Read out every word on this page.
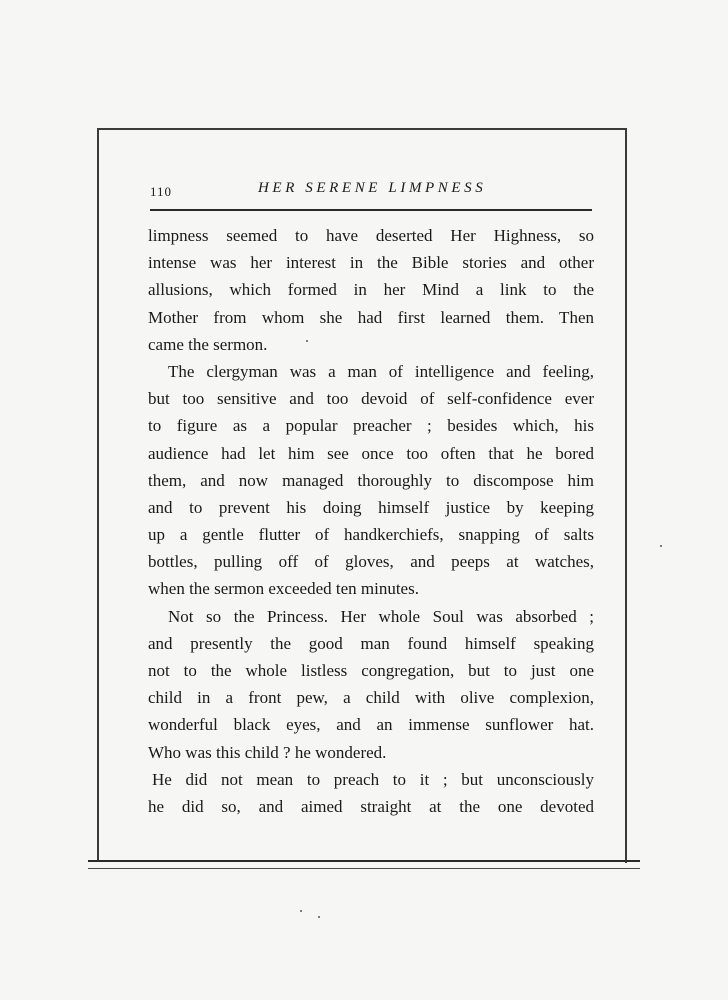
110	HER SERENE LIMPNESS
limpness seemed to have deserted Her Highness, so
intense was her interest in the Bible stories and other
allusions, which formed in her Mind a link to the
Mother from whom she had first learned them. Then
came the sermon.
The clergyman was a man of intelligence and feeling,
but too sensitive and too devoid of self-confidence ever
to figure as a popular preacher ; besides which, his
audience had let him see once too often that he bored
them, and now managed thoroughly to discompose him
and to prevent his doing himself justice by keeping
up a gentle flutter of handkerchiefs, snapping of salts
bottles, pulling off of gloves, and peeps at watches,
when the sermon exceeded ten minutes.
Not so the Princess. Her whole Soul was absorbed ;
and presently the good man found himself speaking
not to the whole listless congregation, but to just one
child in a front pew, a child with olive complexion,
wonderful black eyes, and an immense sunflower hat.
Who was this child ? he wondered.
He did not mean to preach to it ; but unconsciously
he did so, and aimed straight at the one devoted
